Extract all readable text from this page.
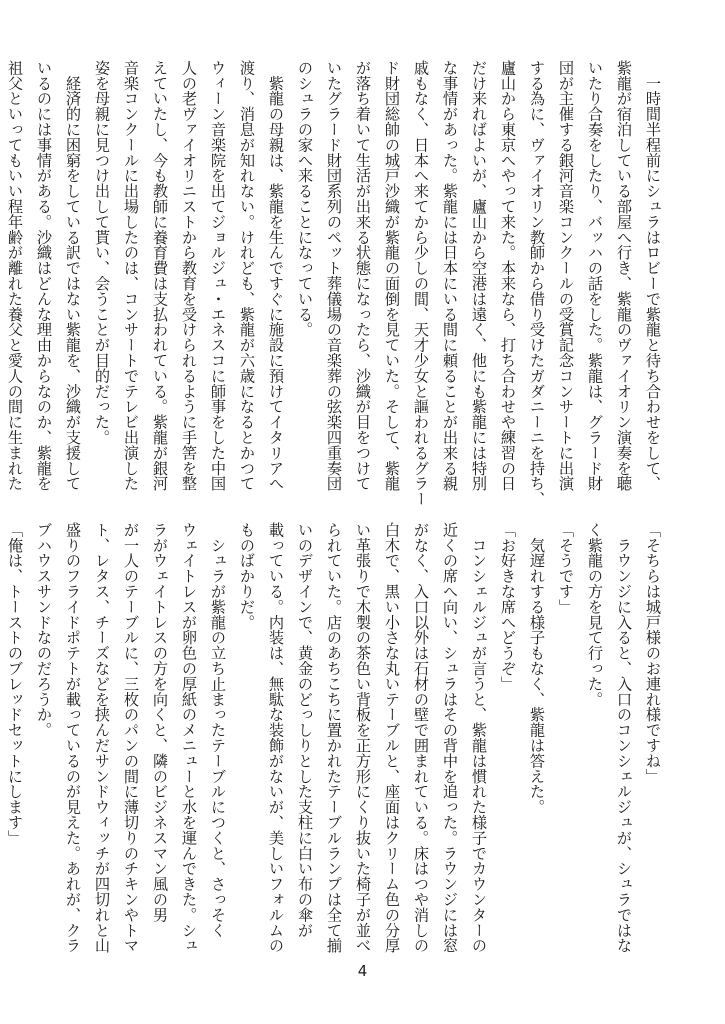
　一時間半程前にシュラはロビーで紫龍と待ち合わせをして、
紫龍が宿泊している部屋へ行き、紫龍のヴァイオリン演奏を聴
いたり合奏をしたり、バッハの話をした。紫龍は、グラード財
団が主催する銀河音楽コンクールの受賞記念コンサートに出演
する為に、ヴァイオリン教師から借り受けたガダニーニを持ち、
廬山から東京へやって来た。本来なら、打ち合わせや練習の日
だけ来ればよいが、廬山から空港は遠く、他にも紫龍には特別
な事情があった。紫龍には日本にいる間に頼ることが出来る親
戚もなく、日本へ来てから少しの間、天才少女と謳われるグラー
ド財団総帥の城戸沙織が紫龍の面倒を見ていた。そして、紫龍
が落ち着いて生活が出来る状態になったら、沙織が目をつけて
いたグラード財団系列のペット葬儀場の音楽葬の弦楽四重奏団
のシュラの家へ来ることになっている。
　紫龍の母親は、紫龍を生んですぐに施設に預けてイタリアへ
渡り、消息が知れない。けれども、紫龍が六歳になるとかつて
ウィーン音楽院を出てジョルジュ・エネスコに師事をした中国
人の老ヴァイオリニストから教育を受けられるように手筈を整
えていたし、今も教師に養育費は支払われている。紫龍が銀河
音楽コンクールに出場したのは、コンサートでテレビ出演した
姿を母親に見つけ出して貰い、会うことが目的だった。
　経済的に困窮をしている訳ではない紫龍を、沙織が支援して
いるのには事情がある。沙織はどんな理由からなのか、紫龍を
祖父といってもいい程年齢が離れた養父と愛人の間に生まれた
「そちらは城戸様のお連れ様ですね」
　ラウンジに入ると、入口のコンシェルジュが、シュラではな
く紫龍の方を見て行った。
「そうです」
　気遅れする様子もなく、紫龍は答えた。
「お好きな席へどうぞ」
　コンシェルジュが言うと、紫龍は慣れた様子でカウンターの
近くの席へ向い、シュラはその背中を追った。ラウンジには窓
がなく、入口以外は石材の壁で囲まれている。床はつや消しの
白木で、黒い小さな丸いテーブルと、座面はクリーム色の分厚
い革張りで木製の茶色い背板を正方形にくり抜いた椅子が並べ
られていた。店のあちこちに置かれたテーブルランプは全て揃
いのデザインで、黄金のどっしりとした支柱に白い布の傘が
載っている。内装は、無駄な装飾がないが、美しいフォルムの
ものばかりだ。
　シュラが紫龍の立ち止まったテーブルにつくと、さっそく
ウェイトレスが卵色の厚紙のメニューと水を運んできた。シュ
ラがウェイトレスの方を向くと、隣のビジネスマン風の男
が一人のテーブルに、三枚のパンの間に薄切りのチキンやトマ
ト、レタス、チーズなどを挟んだサンドウィッチが四切れと山
盛りのフライドポテトが載っているのが見えた。あれが、クラ
ブハウスサンドなのだろうか。
「俺は、トーストのブレッドセットにします」
4
